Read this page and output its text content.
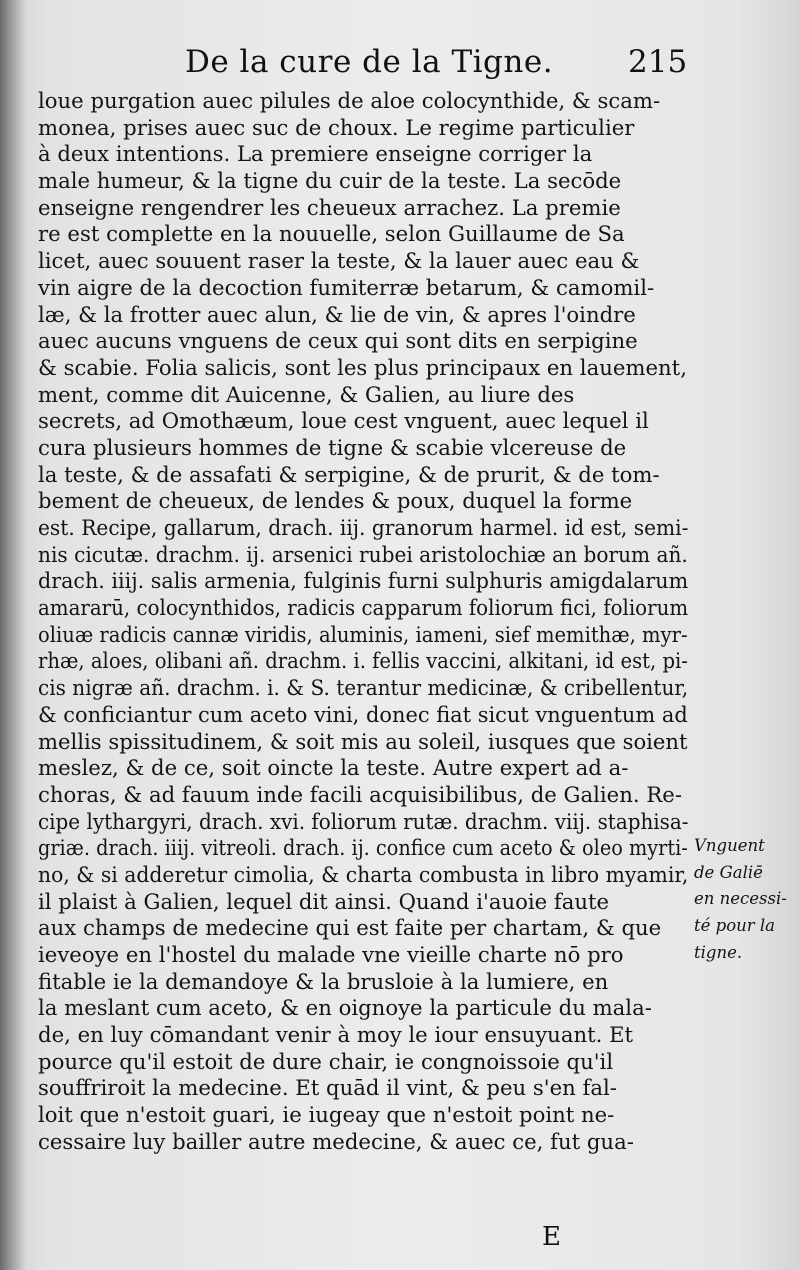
De la cure de la Tigne. 215
loue purgation auec pilules de aloe colocynthide, & scam-
monea, prises auec suc de choux. Le regime particulier
à deux intentions. La premiere enseigne corriger la
male humeur, & la tigne du cuir de la teste. La secōde
enseigne rengendrer les cheueux arrachez. La premie
re est complette en la nouuelle, selon Guillaume de Sa
licet, auec souuent raser la teste, & la lauer auec eau &
vin aigre de la decoction fumiterræ betarum, & camomil-
læ, & la frotter auec alun, & lie de vin, & apres l'oindre
auec aucuns vnguens de ceux qui sont dits en serpigine
& scabie. Folia salicis, sont les plus principaux en lauement,
ment, comme dit Auicenne, & Galien, au liure des
secrets, ad Omothæum, loue cest vnguent, auec lequel il
cura plusieurs hommes de tigne & scabie vlcereuse de
la teste, & de assafati & serpigine, & de prurit, & de tom-
bement de cheueux, de lendes & poux, duquel la forme
est. Recipe, gallarum, drach. iij. granorum harmel. id est, semi-
nis cicutæ. drachm. ij. arsenici rubei aristolochiæ an borum añ.
drach. iiij. salis armenia, fulginis furni sulphuris amigdalarum
amararū, colocynthidos, radicis capparum foliorum fici, foliorum
oliuæ radicis cannæ viridis, aluminis, iameni, sief memithæ, myr-
rhæ, aloes, olibani añ. drachm. i. fellis vaccini, alkitani, id est, pi-
cis nigræ añ. drachm. i. & S. terantur medicinæ, & cribellentur,
& conficiantur cum aceto vini, donec fiat sicut vnguentum ad
mellis spissitudinem, & soit mis au soleil, iusques que soient
meslez, & de ce, soit oincte la teste. Autre expert ad a-
choras, & ad fauum inde facili acquisibilibus, de Galien. Re-
cipe lythargyri, drach. xvi. foliorum rutæ. drachm. viij. staphisa-
griæ. drach. iiij. vitreoli. drach. ij. confice cum aceto & oleo myrti-
no, & si adderetur cimolia, & charta combusta in libro myamir,
il plaist à Galien, lequel dit ainsi. Quand i'auoie faute
aux champs de medecine qui est faite per chartam, & que
ieveoye en l'hostel du malade vne vieille charte nō pro
fitable ie la demandoye & la brusloie à la lumiere, en
la meslant cum aceto, & en oignoye la particule du mala-
de, en luy cōmandant venir à moy le iour ensuyuant. Et
pource qu'il estoit de dure chair, ie congnoissoie qu'il
souffriroit la medecine. Et quād il vint, & peu s'en fal-
loit que n'estoit guari, ie iugeay que n'estoit point ne-
cessaire luy bailler autre medecine, & auec ce, fut gua-
Vnguent
de Galiē
en necessi-
té pour la
tigne.
E
